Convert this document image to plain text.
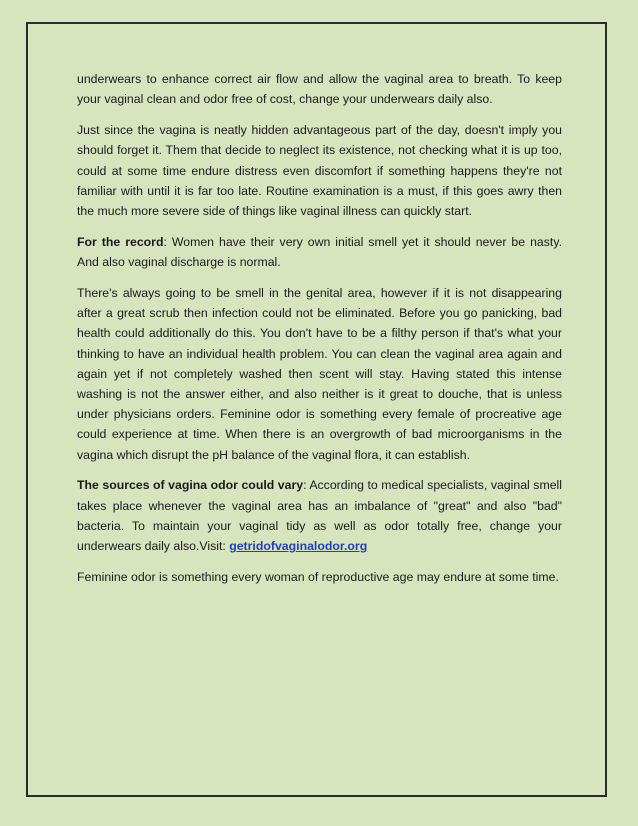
underwears to enhance correct air flow and allow the vaginal area to breath. To keep your vaginal clean and odor free of cost, change your underwears daily also.

Just since the vagina is neatly hidden advantageous part of the day, doesn't imply you should forget it. Them that decide to neglect its existence, not checking what it is up too, could at some time endure distress even discomfort if something happens they're not familiar with until it is far too late. Routine examination is a must, if this goes awry then the much more severe side of things like vaginal illness can quickly start.

For the record: Women have their very own initial smell yet it should never be nasty. And also vaginal discharge is normal.

There's always going to be smell in the genital area, however if it is not disappearing after a great scrub then infection could not be eliminated. Before you go panicking, bad health could additionally do this. You don't have to be a filthy person if that's what your thinking to have an individual health problem. You can clean the vaginal area again and again yet if not completely washed then scent will stay. Having stated this intense washing is not the answer either, and also neither is it great to douche, that is unless under physicians orders. Feminine odor is something every female of procreative age could experience at time. When there is an overgrowth of bad microorganisms in the vagina which disrupt the pH balance of the vaginal flora, it can establish.

The sources of vagina odor could vary: According to medical specialists, vaginal smell takes place whenever the vaginal area has an imbalance of "great" and also "bad" bacteria. To maintain your vaginal tidy as well as odor totally free, change your underwears daily also.Visit: getridofvaginalodor.org

Feminine odor is something every woman of reproductive age may endure at some time.
